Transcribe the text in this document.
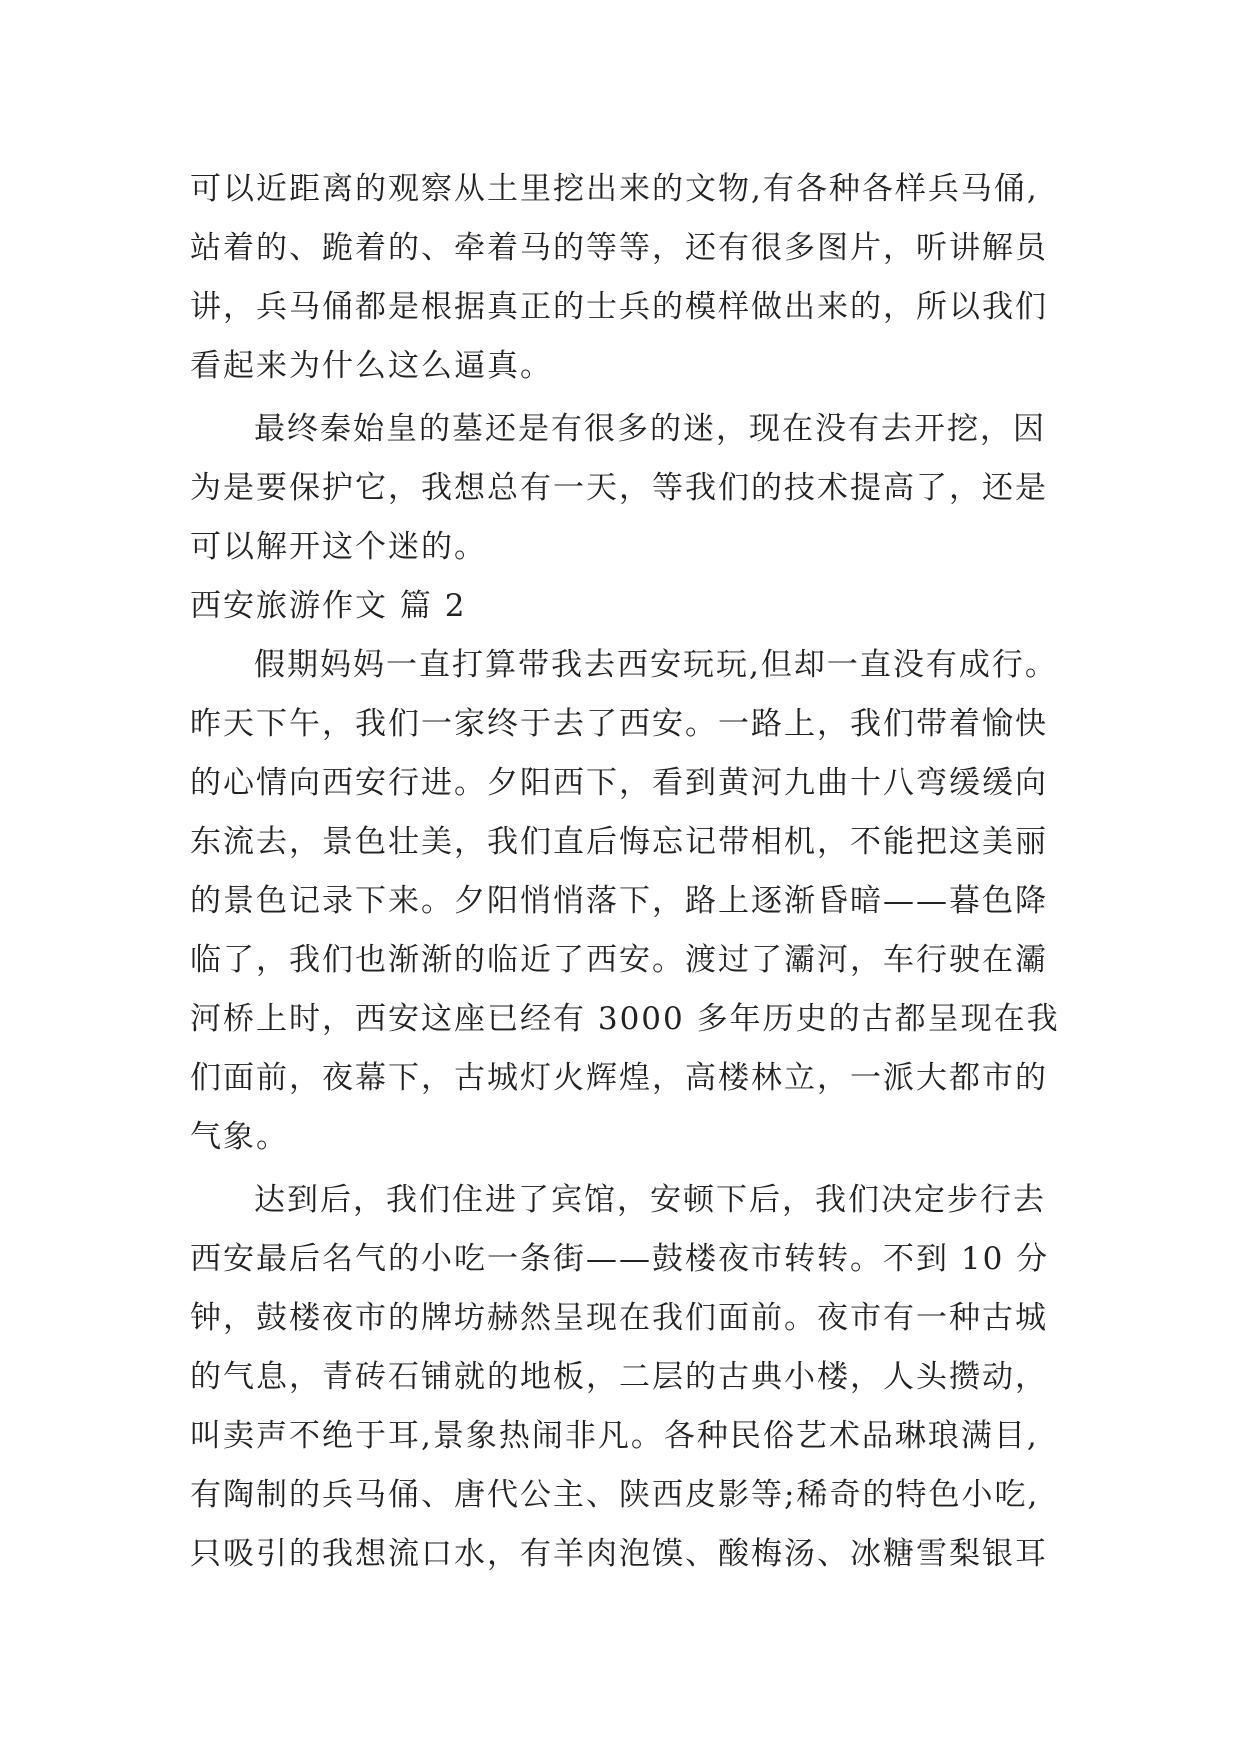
可以近距离的观察从土里挖出来的文物,有各种各样兵马俑,
站着的、跪着的、牵着马的等等，还有很多图片，听讲解员
讲，兵马俑都是根据真正的士兵的模样做出来的，所以我们
看起来为什么这么逼真。
最终秦始皇的墓还是有很多的迷，现在没有去开挖，因
为是要保护它，我想总有一天，等我们的技术提高了，还是
可以解开这个迷的。
西安旅游作文 篇 2
假期妈妈一直打算带我去西安玩玩,但却一直没有成行。
昨天下午，我们一家终于去了西安。一路上，我们带着愉快
的心情向西安行进。夕阳西下，看到黄河九曲十八弯缓缓向
东流去，景色壮美，我们直后悔忘记带相机，不能把这美丽
的景色记录下来。夕阳悄悄落下，路上逐渐昏暗——暮色降
临了，我们也渐渐的临近了西安。渡过了灞河，车行驶在灞
河桥上时，西安这座已经有 3000 多年历史的古都呈现在我
们面前，夜幕下，古城灯火辉煌，高楼林立，一派大都市的
气象。
达到后，我们住进了宾馆，安顿下后，我们决定步行去
西安最后名气的小吃一条街——鼓楼夜市转转。不到 10 分
钟，鼓楼夜市的牌坊赫然呈现在我们面前。夜市有一种古城
的气息，青砖石铺就的地板，二层的古典小楼，人头攒动，
叫卖声不绝于耳,景象热闹非凡。各种民俗艺术品琳琅满目,
有陶制的兵马俑、唐代公主、陕西皮影等;稀奇的特色小吃,
只吸引的我想流口水，有羊肉泡馍、酸梅汤、冰糖雪梨银耳
